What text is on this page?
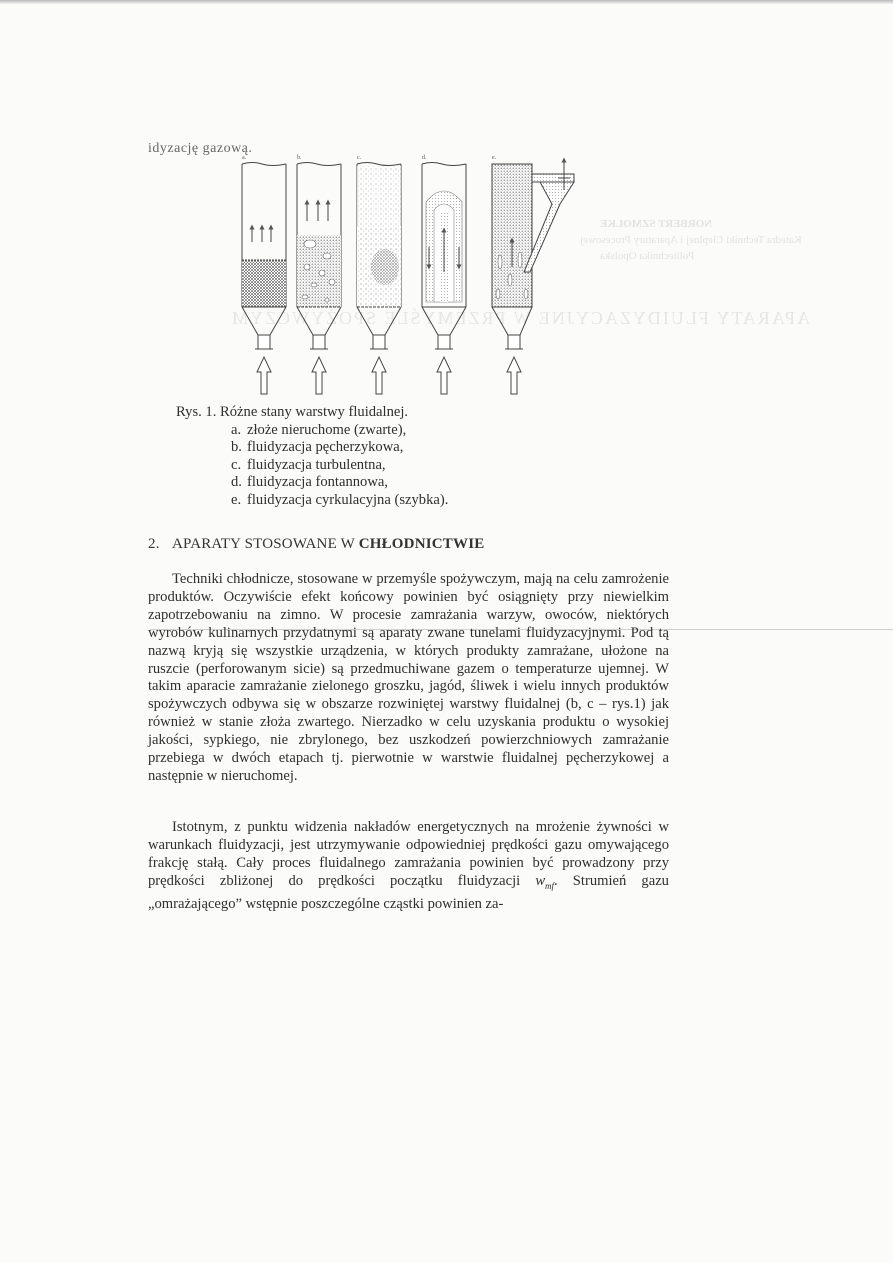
NORBERT SZMOLKE
Katedra Techniki Cieplnej i Aparatury Procesowej
Politechnika Opolska
APARATY FLUIDYZACYJNE W PRZEMYŚLE SPOŻYWCZYM
idyzację gazową.
a.	b.	c.	d.	e.
Rys. 1. Różne stany warstwy fluidalnej.
a. złoże nieruchome (zwarte),
b. fluidyzacja pęcherzykowa,
c. fluidyzacja turbulentna,
d. fluidyzacja fontannowa,
e. fluidyzacja cyrkulacyjna (szybka).
2. APARATY STOSOWANE W CHŁODNICTWIE

Techniki chłodnicze, stosowane w przemyśle spożywczym, mają na celu zamrożenie produktów. Oczywiście efekt końcowy powinien być osiągnięty przy niewielkim zapotrzebowaniu na zimno. W procesie zamrażania warzyw, owoców, niektórych wyrobów kulinarnych przydatnymi są aparaty zwane tunelami fluidyzacyjnymi. Pod tą nazwą kryją się wszystkie urządzenia, w których produkty zamrażane, ułożone na ruszcie (perforowanym sicie) są przedmuchiwane gazem o temperaturze ujemnej. W takim aparacie zamrażanie zielonego groszku, jagód, śliwek i wielu innych produktów spożywczych odbywa się w obszarze rozwiniętej warstwy fluidalnej (b, c – rys.1) jak również w stanie złoża zwartego. Nierzadko w celu uzyskania produktu o wysokiej jakości, sypkiego, nie zbrylonego, bez uszkodzeń powierzchniowych zamrażanie przebiega w dwóch etapach tj. pierwotnie w warstwie fluidalnej pęcherzykowej a następnie w nieruchomej.

Istotnym, z punktu widzenia nakładów energetycznych na mrożenie żywności w warunkach fluidyzacji, jest utrzymywanie odpowiedniej prędkości gazu omywającego frakcję stałą. Cały proces fluidalnego zamrażania powinien być prowadzony przy prędkości zbliżonej do prędkości początku fluidyzacji $w_{mf}$. Strumień gazu „omrażającego” wstępnie poszczególne cząstki powinien za-
